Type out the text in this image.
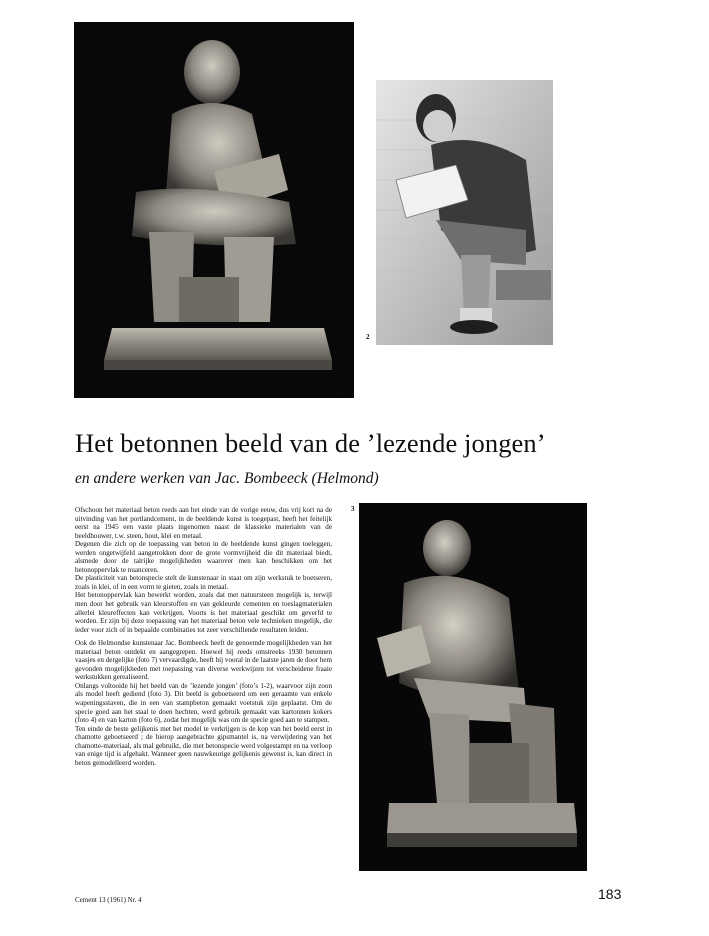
1
2
Het betonnen beeld van de ’lezende jongen’
en andere werken van Jac. Bombeeck (Helmond)

Ofschoon het materiaal beton reeds aan het einde van de vorige eeuw, dus vrij kort na de uitvinding van het portlandcement, in de beeldende kunst is toegepast, heeft het feitelijk eerst na 1945 een vaste plaats ingenomen naast de klassieke materialen van de beeldhouwer, t.w. steen, hout, klei en metaal.

Degenen die zich op de toepassing van beton in de beeldende kunst gingen toeleggen, werden ongetwijfeld aangetrokken door de grote vormvrijheid die dit materiaal biedt, alsmede door de talrijke mogelijkheden waarover men kan beschikken om het betonoppervlak te nuanceren.

De plasticiteit van betonspecie stelt de kunstenaar in staat om zijn werkstuk te boetseren, zoals in klei, of in een vorm te gieten, zoals in metaal.

Het betonoppervlak kan bewerkt worden, zoals dat met natuursteen mogelijk is, terwijl men door het gebruik van kleurstoffen en van gekleurde cementen en toeslagmaterialen allerlei kleureffecten kan verkrijgen. Voorts is het materiaal geschikt om geverfd te worden. Er zijn bij deze toepassing van het materiaal beton vele technieken mogelijk, die ieder voor zich of in bepaalde combinaties tot zeer verschillende resultaten leiden.

Ook de Helmondse kunstenaar Jac. Bombeeck heeft de genoemde mogelijkheden van het materiaal beton ontdekt en aangegrepen. Hoewel hij reeds omstreeks 1930 betonnen vaasjes en dergelijke (foto 7) vervaardigde, heeft hij vooral in de laatste jaren de door hem gevonden mogelijkheden met toepassing van diverse werkwijzen tot verscheidene fraaie werkstukken gerealiseerd.

Onlangs voltooide hij het beeld van de ’lezende jongen’ (foto’s 1-2), waarvoor zijn zoon als model heeft gediend (foto 3). Dit beeld is geboetseerd om een geraamte van enkele wapeningsstaven, die in een van stampbeton gemaakt voetstuk zijn geplaatst. Om de specie goed aan het staal te doen hechten, werd gebruik gemaakt van kartonnen kokers (foto 4) en van karton (foto 6), zodat het mogelijk was om de specie goed aan te stampen.

Ten einde de beste gelijkenis met het model te verkrijgen is de kop van het beeld eerst in chamotte geboetseerd ; de hierop aangebrachte gipsmantel is, na verwijdering van het chamotte-materiaal, als mal gebruikt, die met betonspecie werd volgestampt en na verloop van enige tijd is afgehakt. Wanneer geen nauwkeurige gelijkenis gewenst is, kan direct in beton gemodelleerd worden.

3
Cement 13 (1961) Nr. 4	183
